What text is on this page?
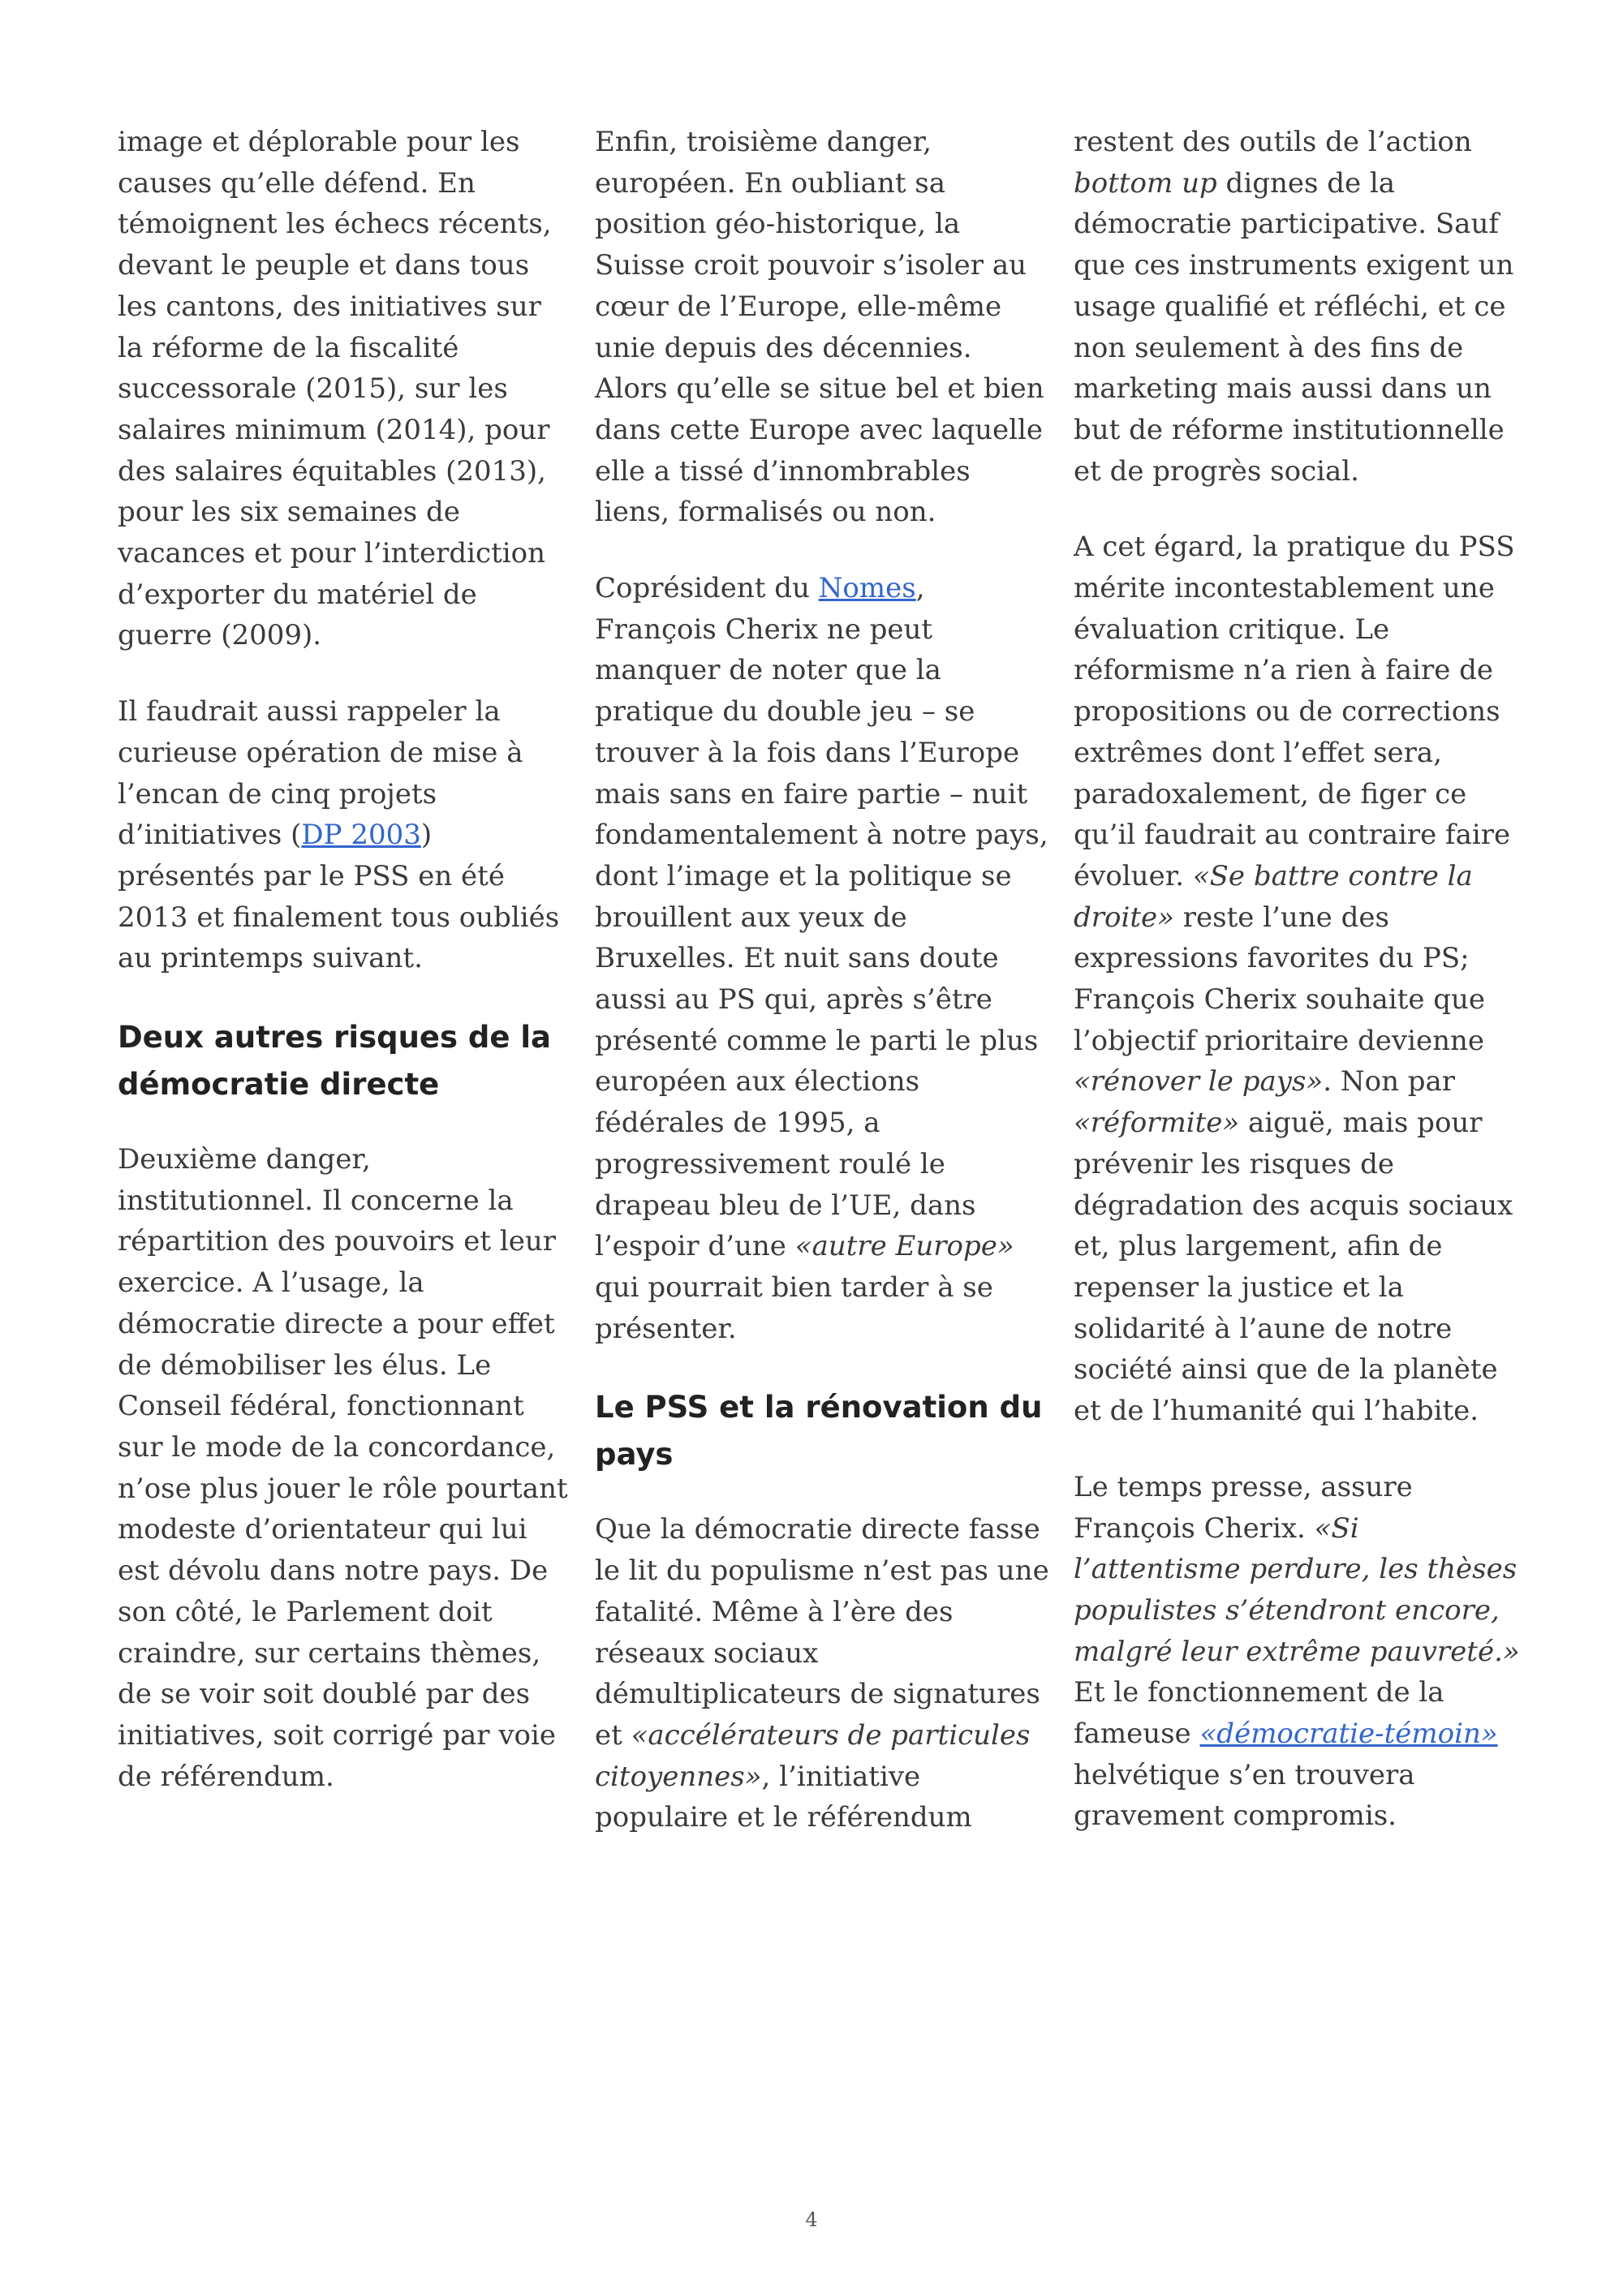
image et déplorable pour les causes qu’elle défend. En témoignent les échecs récents, devant le peuple et dans tous les cantons, des initiatives sur la réforme de la fiscalité successorale (2015), sur les salaires minimum (2014), pour des salaires équitables (2013), pour les six semaines de vacances et pour l’interdiction d’exporter du matériel de guerre (2009).

Il faudrait aussi rappeler la curieuse opération de mise à l’encan de cinq projets d’initiatives (DP 2003) présentés par le PSS en été 2013 et finalement tous oubliés au printemps suivant.

Deux autres risques de la démocratie directe

Deuxième danger, institutionnel. Il concerne la répartition des pouvoirs et leur exercice. A l’usage, la démocratie directe a pour effet de démobiliser les élus. Le Conseil fédéral, fonctionnant sur le mode de la concordance, n’ose plus jouer le rôle pourtant modeste d’orientateur qui lui est dévolu dans notre pays. De son côté, le Parlement doit craindre, sur certains thèmes, de se voir soit doublé par des initiatives, soit corrigé par voie de référendum.

Enfin, troisième danger, européen. En oubliant sa position géo-historique, la Suisse croit pouvoir s’isoler au cœur de l’Europe, elle-même unie depuis des décennies. Alors qu’elle se situe bel et bien dans cette Europe avec laquelle elle a tissé d’innombrables liens, formalisés ou non.

Coprésident du Nomes, François Cherix ne peut manquer de noter que la pratique du double jeu – se trouver à la fois dans l’Europe mais sans en faire partie – nuit fondamentalement à notre pays, dont l’image et la politique se brouillent aux yeux de Bruxelles. Et nuit sans doute aussi au PS qui, après s’être présenté comme le parti le plus européen aux élections fédérales de 1995, a progressivement roulé le drapeau bleu de l’UE, dans l’espoir d’une «autre Europe» qui pourrait bien tarder à se présenter.

Le PSS et la rénovation du pays

Que la démocratie directe fasse le lit du populisme n’est pas une fatalité. Même à l’ère des réseaux sociaux démultiplicateurs de signatures et «accélérateurs de particules citoyennes», l’initiative populaire et le référendum

restent des outils de l’action bottom up dignes de la démocratie participative. Sauf que ces instruments exigent un usage qualifié et réfléchi, et ce non seulement à des fins de marketing mais aussi dans un but de réforme institutionnelle et de progrès social.

A cet égard, la pratique du PSS mérite incontestablement une évaluation critique. Le réformisme n’a rien à faire de propositions ou de corrections extrêmes dont l’effet sera, paradoxalement, de figer ce qu’il faudrait au contraire faire évoluer. «Se battre contre la droite» reste l’une des expressions favorites du PS; François Cherix souhaite que l’objectif prioritaire devienne «rénover le pays». Non par «réformite» aiguë, mais pour prévenir les risques de dégradation des acquis sociaux et, plus largement, afin de repenser la justice et la solidarité à l’aune de notre société ainsi que de la planète et de l’humanité qui l’habite.

Le temps presse, assure François Cherix. «Si l’attentisme perdure, les thèses populistes s’étendront encore, malgré leur extrême pauvreté.» Et le fonctionnement de la fameuse «démocratie-témoin» helvétique s’en trouvera gravement compromis.

4
